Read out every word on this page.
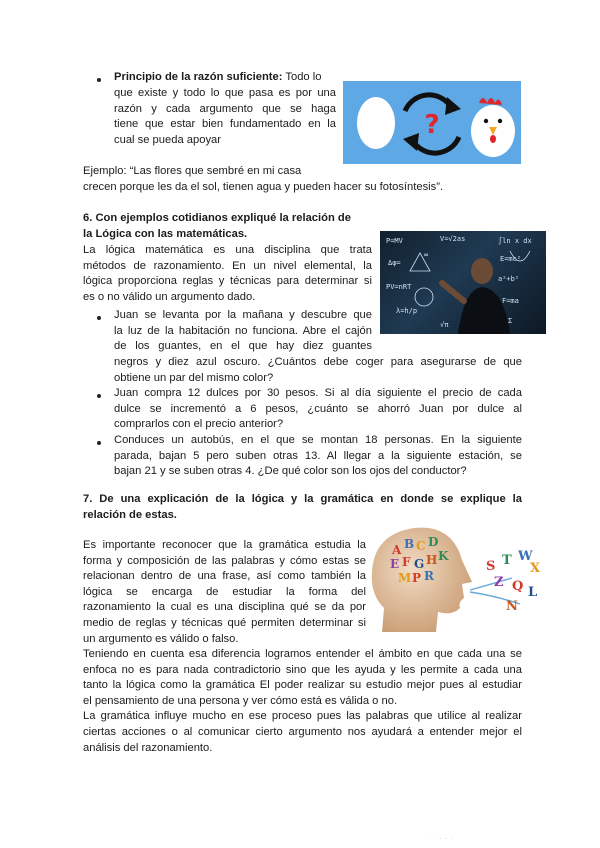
Principio de la razón suficiente: Todo lo
que existe y todo lo que pasa es por una
razón y cada argumento que se haga
tiene que estar bien fundamentado en la
cual se pueda apoyar	?
Ejemplo: “Las flores que sembré en mi casa
crecen porque les da el sol, tienen agua y pueden hacer su fotosíntesis”.
6. Con ejemplos cotidianos expliqué la relación de
la Lógica con las matemáticas.
La lógica matemática es una disciplina que trata
métodos de razonamiento. En un nivel elemental, la
lógica proporciona reglas y técnicas para determinar si
es o no válido un argumento dado.
P=MV	V=√2as	∫ln x dx
Δφ=	E=mc²
PV=nRT
a²+b²
λ=h/p
F=ma
√π	Σ
∞
Juan se levanta por la mañana y descubre que
la luz de la habitación no funciona. Abre el cajón
de los guantes, en el que hay diez guantes
negros y diez azul oscuro. ¿Cuántos debe coger para asegurarse de que
obtiene un par del mismo color?
Juan compra 12 dulces por 30 pesos. Si al día siguiente el precio de cada
dulce se incrementó a 6 pesos, ¿cuánto se ahorró Juan por dulce al
comprarlos con el precio anterior?
Conduces un autobús, en el que se montan 18 personas. En la siguiente
parada, bajan 5 pero suben otras 13. Al llegar a la siguiente estación, se
bajan 21 y se suben otras 4. ¿De qué color son los ojos del conductor?
7. De una explicación de la lógica y la gramática en donde se explique la
relación de estas.
Es importante reconocer que la gramática estudia la
forma y composición de las palabras y cómo estas se
relacionan dentro de una frase, así como también la
lógica se encarga de estudiar la forma del
razonamiento la cual es una disciplina qué se da por
medio de reglas y técnicas qué permiten determinar si
un argumento es válido o falso.
A B C D
E F G H K
M P R
S T W
X
Z Q L
N
Teniendo en cuenta esa diferencia logramos entender el ámbito en que cada una se
enfoca no es para nada contradictorio sino que les ayuda y les permite a cada una
tanto la lógica como la gramática El poder realizar su estudio mejor pues al estudiar
el pensamiento de una persona y ver cómo está es válida o no.
La gramática influye mucho en ese proceso pues las palabras que utilice al realizar
ciertas acciones o al comunicar cierto argumento nos ayudará a entender mejor el
análisis del razonamiento.
· · · · ·
